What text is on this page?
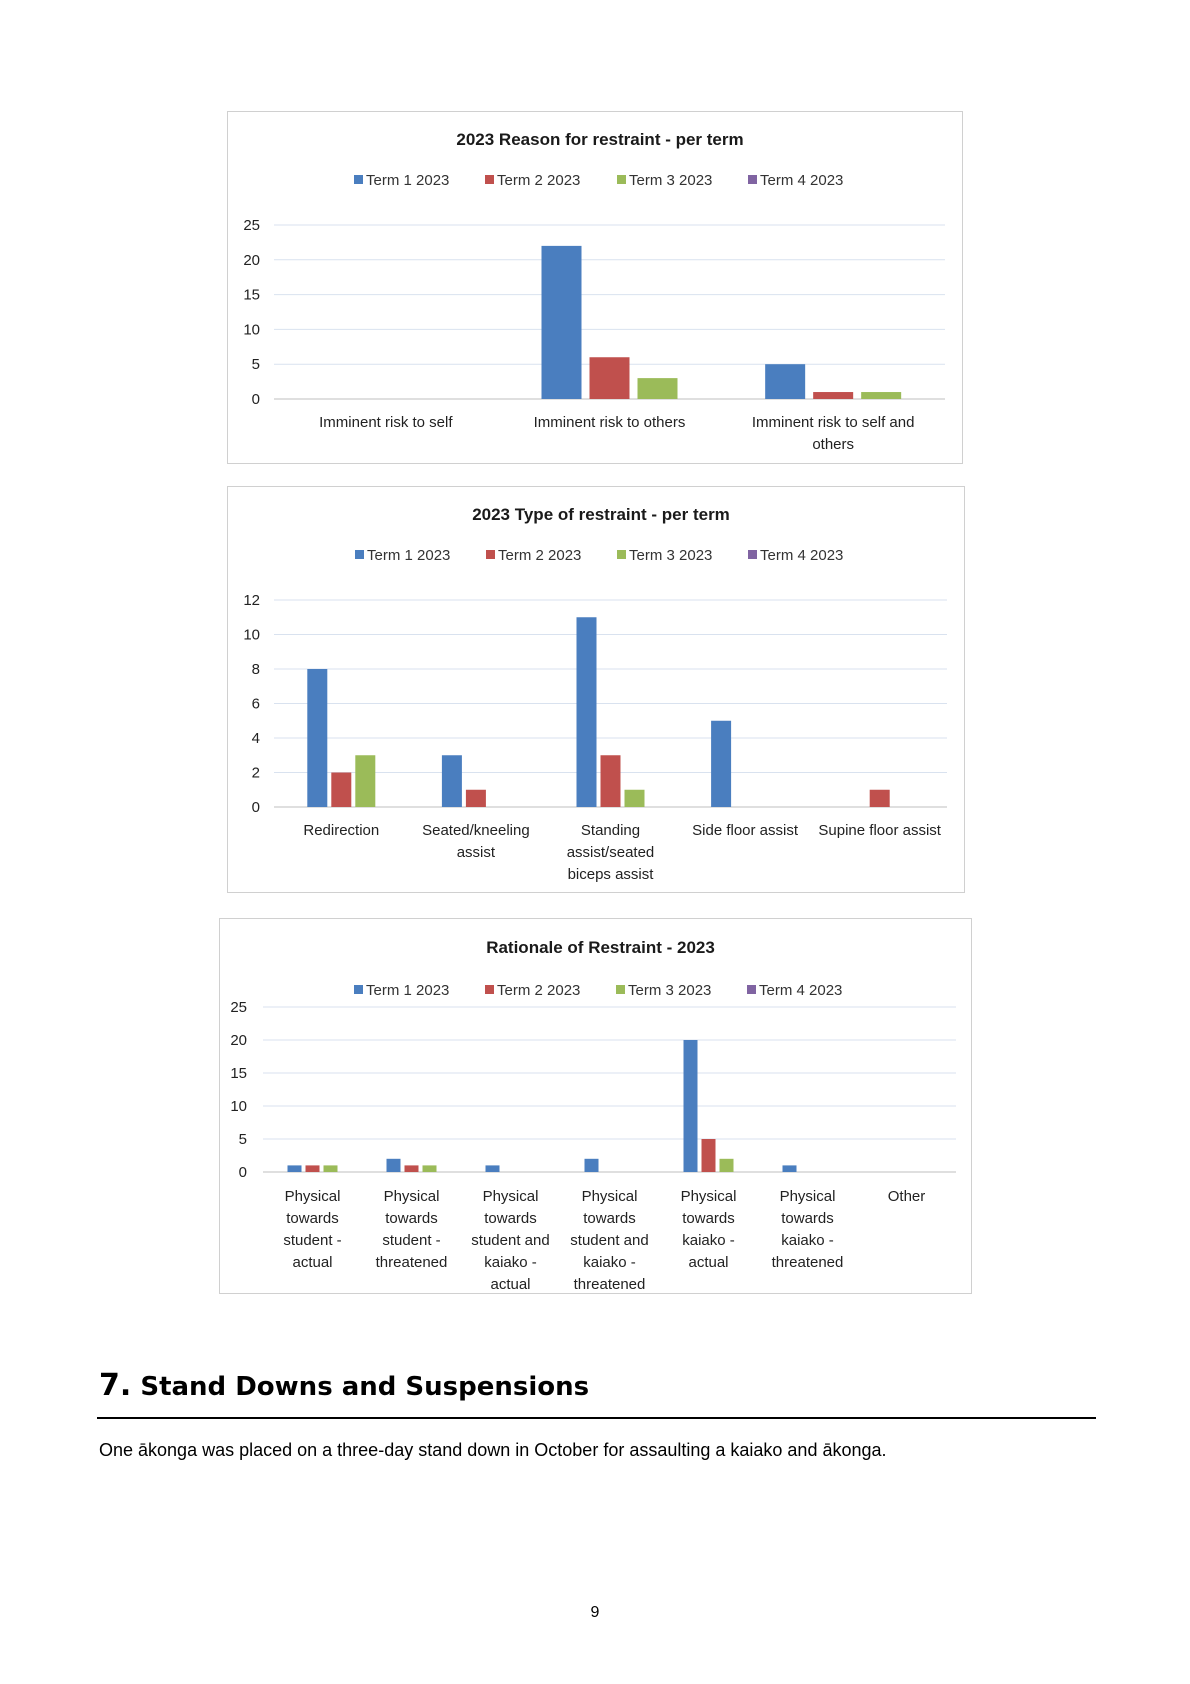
2023 Reason for restraint - per term
Term 1 2023	Term 2 2023	Term 3 2023	Term 4 2023
0
5
10
15
20
25
Imminent risk to self	Imminent risk to others	Imminent risk to self and others
2023 Type of restraint - per term
Term 1 2023	Term 2 2023	Term 3 2023	Term 4 2023
0
2
4
6
8
10
12
Redirection	Seated/kneeling assist
Standing assist/seated biceps assist
Side floor assist Supine floor assist
Rationale of Restraint - 2023
Term 1 2023	Term 2 2023	Term 3 2023	Term 4 2023
0
5
10
15
20
25
Physical towards student -actual
Physical towards student -threatened
Physical towards student and kaiako -actual
Physical towards student and kaiako -threatened
Physical towards kaiako -actual
Physical towards kaiako -threatened
Other
7. Stand Downs and Suspensions

One ākonga was placed on a three-day stand down in October for assaulting a kaiako and ākonga.

9
